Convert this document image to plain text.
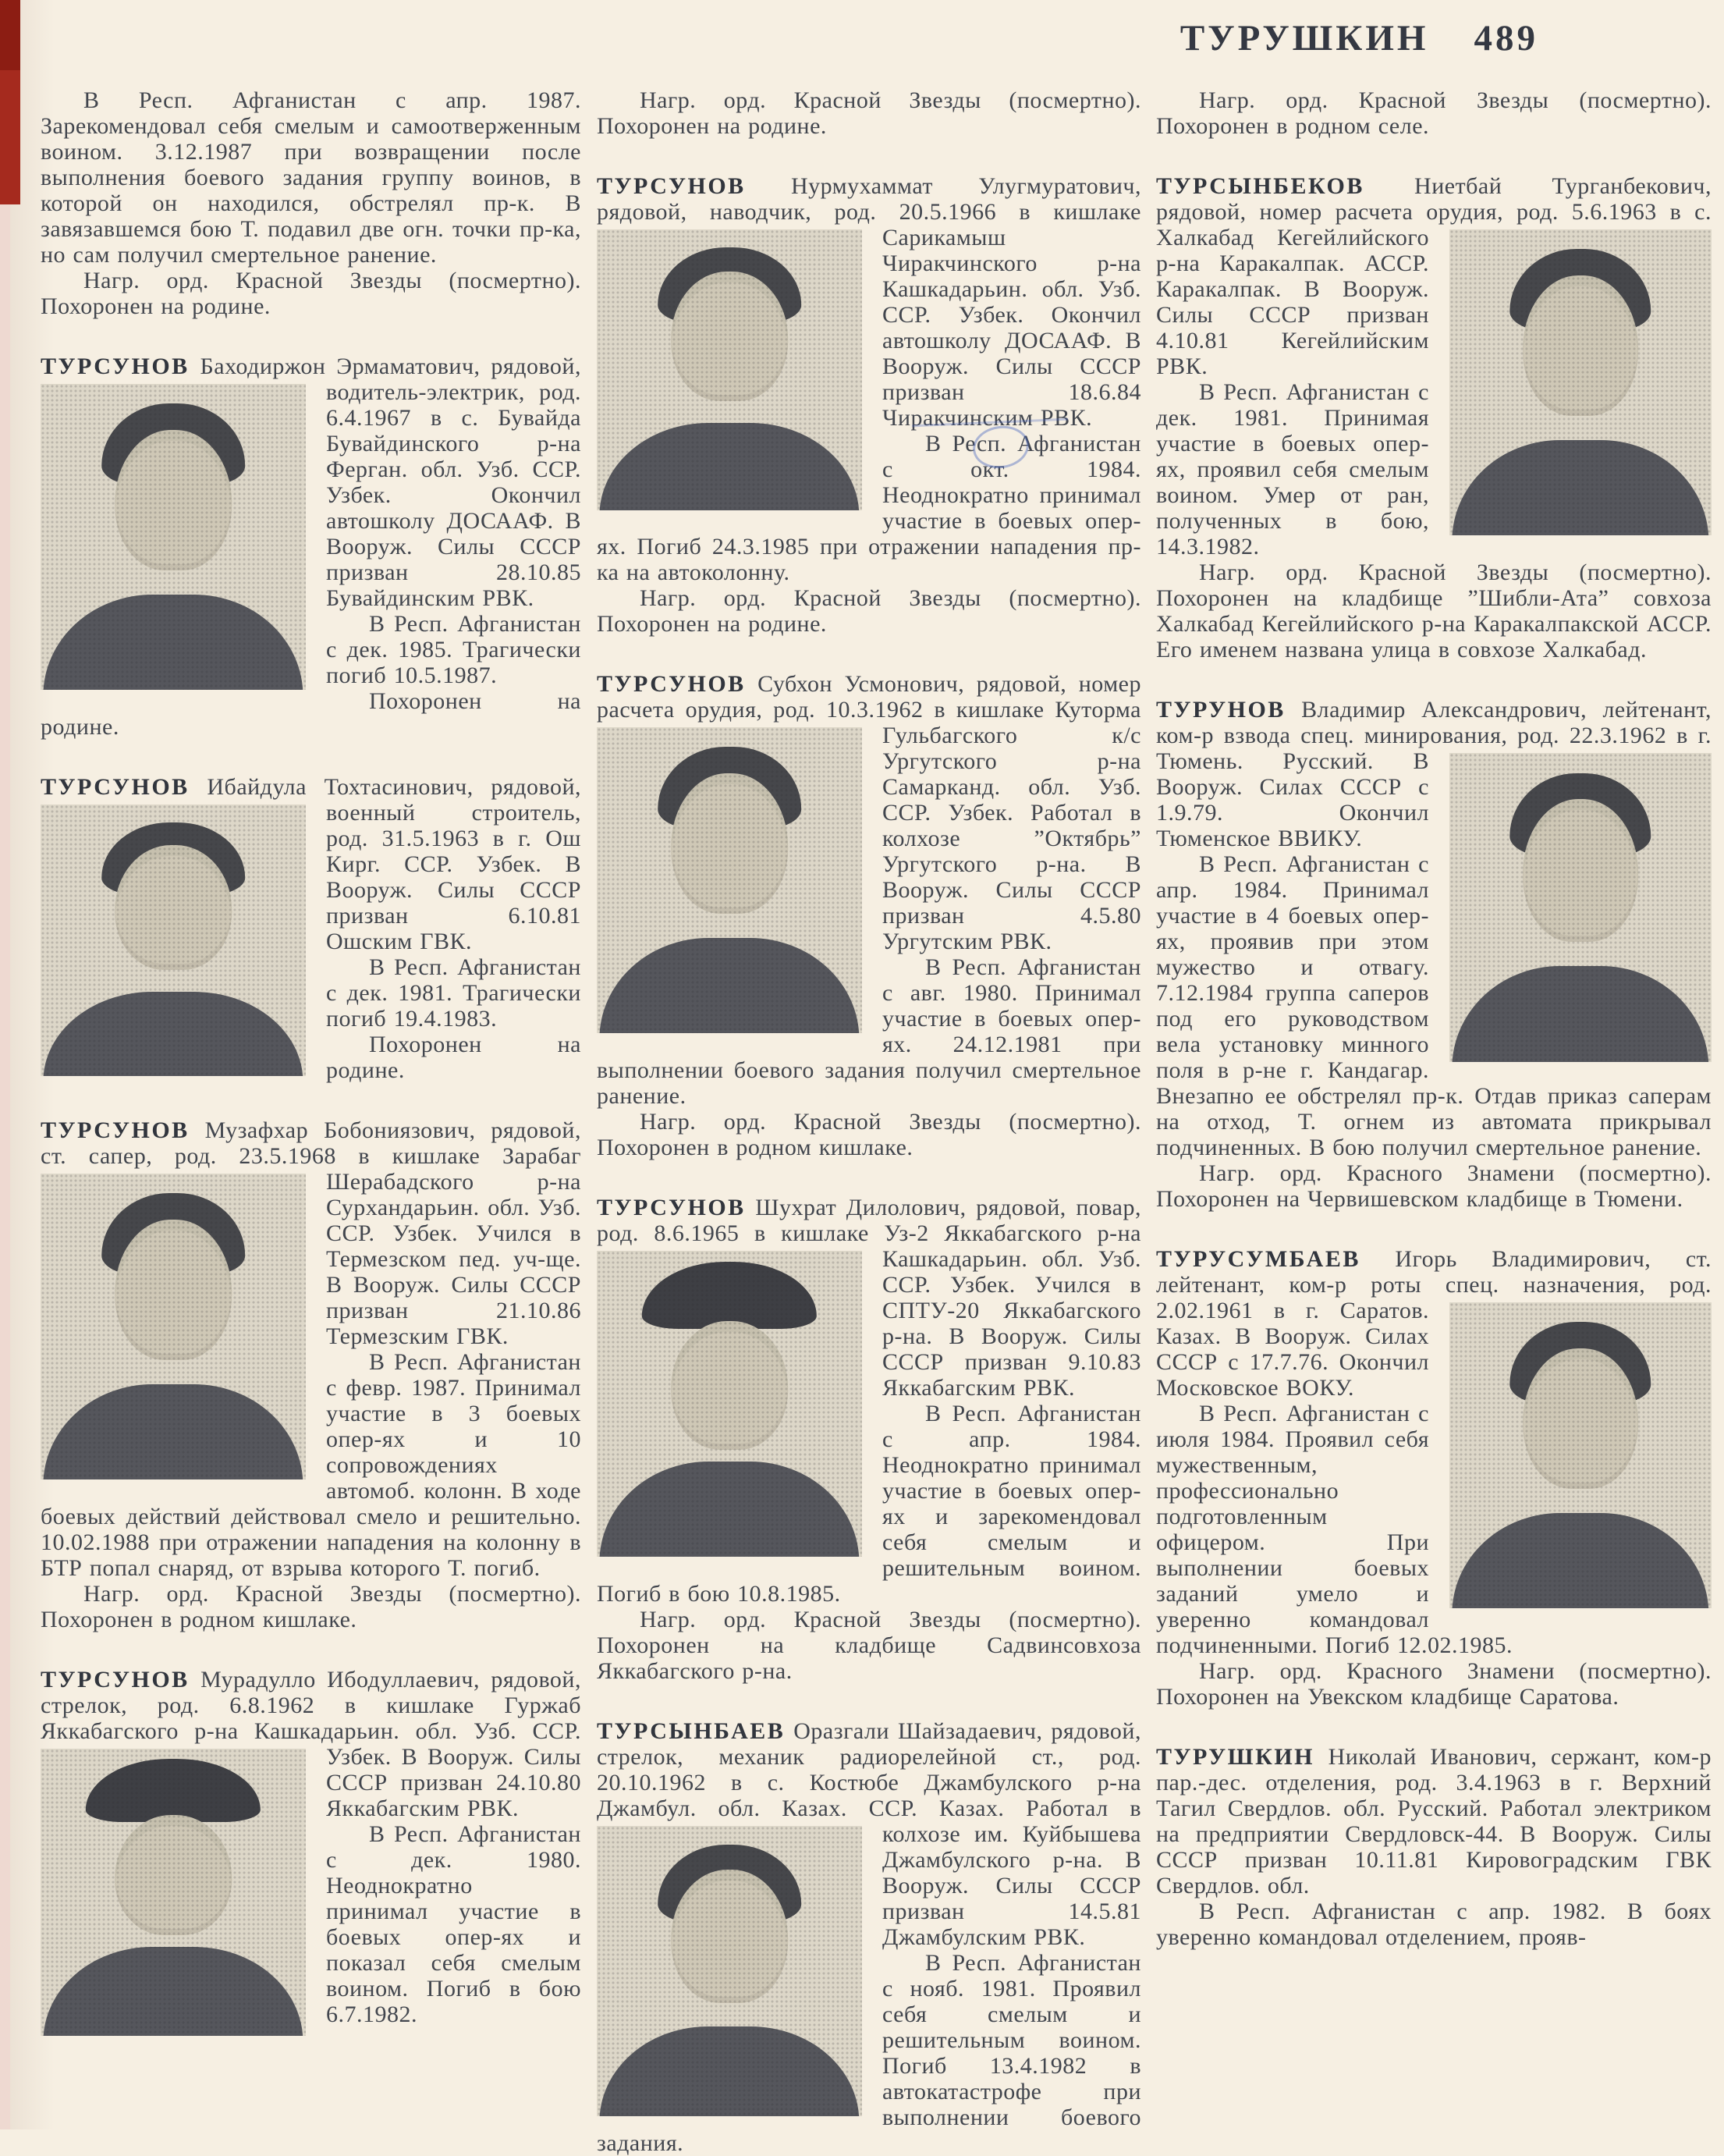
ТУРУШКИН 489

В Респ. Афганистан с апр. 1987. Зарекомендовал себя смелым и самоотверженным воином. 3.12.1987 при возвращении после выполнения боевого задания группу воинов, в которой он находился, обстрелял пр-к. В завязавшемся бою Т. подавил две огн. точки пр-ка, но сам получил смертельное ранение.

Нагр. орд. Красной Звезды (посмертно). Похоронен на родине.

ТУРСУНОВ Баходиржон Эрмаматович, рядовой, водитель-электрик, род.
6.4.1967 в с. Бувайда Бувайдинского р-на Ферган. обл. Узб. ССР. Узбек. Окончил автошколу ДОСААФ. В Вооруж. Силы СССР призван 28.10.85 Бувайдинским РВК.

В Респ. Афганистан с дек. 1985. Трагически погиб 10.5.1987.

Похоронен на родине.

ТУРСУНОВ Ибайдула Тохтасинович,
рядовой, военный строитель, род. 31.5.1963 в г. Ош Кирг. ССР. Узбек. В Вооруж. Силы СССР призван 6.10.81 Ошским ГВК.

В Респ. Афганистан с дек. 1981. Трагически погиб 19.4.1983.

Похоронен на родине.

ТУРСУНОВ Музафхар Бобониязович, рядовой, ст. сапер, род. 23.5.1968 в кишлаке
Зарабаг Шерабадского р-на Сурхандарьин. обл. Узб. ССР. Узбек. Учился в Термезском пед. уч-ще. В Вооруж. Силы СССР призван 21.10.86 Термезским ГВК.

В Респ. Афганистан с февр. 1987. Принимал участие в 3 боевых опер-ях и 10 сопровождениях автомоб. колонн. В ходе боевых действий действовал смело и решительно. 10.02.1988 при отражении нападения на колонну в БТР попал снаряд, от взрыва которого Т. погиб.

Нагр. орд. Красной Звезды (посмертно). Похоронен в родном кишлаке.

ТУРСУНОВ Мурадулло Ибодуллаевич, рядовой, стрелок, род. 6.8.1962 в кишлаке Гуржаб Яккабагского р-на Кашкадарьин.
обл. Узб. ССР. Узбек. В Вооруж. Силы СССР призван 24.10.80 Яккабагским РВК.

В Респ. Афганистан с дек. 1980. Неоднократно принимал участие в боевых опер-ях и показал себя смелым воином. Погиб в бою 6.7.1982.

Нагр. орд. Красной Звезды (посмертно). Похоронен на родине.

ТУРСУНОВ Нурмухаммат Улугмуратович, рядовой, наводчик, род. 20.5.1966 в
кишлаке Сарикамыш Чиракчинского р-на Кашкадарьин. обл. Узб. ССР. Узбек. Окончил автошколу ДОСААФ. В Вооруж. Силы СССР призван 18.6.84 Чиракчинским РВК.

В Респ. Афганистан с окт. 1984. Неоднократно принимал участие в боевых опер-ях. Погиб 24.3.1985 при отражении нападения пр-ка на автоколонну.

Нагр. орд. Красной Звезды (посмертно). Похоронен на родине.

ТУРСУНОВ Субхон Усмонович, рядовой, номер расчета орудия, род. 10.3.1962 в
кишлаке Куторма Гульбагского к/с Ургутского р-на Самарканд. обл. Узб. ССР. Узбек. Работал в колхозе ”Октябрь” Ургутского р-на. В Вооруж. Силы СССР призван 4.5.80 Ургутским РВК.

В Респ. Афганистан с авг. 1980. Принимал участие в боевых опер-ях. 24.12.1981 при выполнении боевого задания получил смертельное ранение.

Нагр. орд. Красной Звезды (посмертно). Похоронен в родном кишлаке.

ТУРСУНОВ Шухрат Дилолович, рядовой, повар, род. 8.6.1965 в кишлаке Уз-2
Яккабагского р-на Кашкадарьин. обл. Узб. ССР. Узбек. Учился в СПТУ-20 Яккабагского р-на. В Вооруж. Силы СССР призван 9.10.83 Яккабагским РВК.

В Респ. Афганистан с апр. 1984. Неоднократно принимал участие в боевых опер-ях и зарекомендовал себя смелым и решительным воином. Погиб в бою 10.8.1985.

Нагр. орд. Красной Звезды (посмертно). Похоронен на кладбище Садвинсовхоза Яккабагского р-на.

ТУРСЫНБАЕВ Оразгали Шайзадаевич, рядовой, стрелок, механик радиорелейной ст., род. 20.10.1962 в с. Костюбе Джамбулского р-на Джамбул. обл. Казах. ССР. Казах. Работал в колхозе им. Куйбышева
Джамбулского р-на. В Вооруж. Силы СССР призван 14.5.81 Джамбулским РВК.

В Респ. Афганистан с нояб. 1981. Проявил себя смелым и решительным воином. Погиб 13.4.1982 в автокатастрофе при выполнении боевого задания.

Нагр. орд. Красной Звезды (посмертно). Похоронен в родном селе.

ТУРСЫНБЕКОВ Ниетбай Турганбекович, рядовой, номер расчета орудия, род.
5.6.1963 в с. Халкабад Кегейлийского р-на Каракалпак. АССР. Каракалпак. В Вооруж. Силы СССР призван 4.10.81 Кегейлийским РВК.

В Респ. Афганистан с дек. 1981. Принимая участие в боевых опер-ях, проявил себя смелым воином. Умер от ран, полученных в бою, 14.3.1982.

Нагр. орд. Красной Звезды (посмертно). Похоронен на кладбище ”Шибли-Ата” совхоза Халкабад Кегейлийского р-на Каракалпакской АССР. Его именем названа улица в совхозе Халкабад.

ТУРУНОВ Владимир Александрович, лейтенант, ком-р взвода спец. минирования,
род. 22.3.1962 в г. Тюмень. Русский. В Вооруж. Силах СССР с 1.9.79. Окончил Тюменское ВВИКУ.

В Респ. Афганистан с апр. 1984. Принимал участие в 4 боевых опер-ях, проявив при этом мужество и отвагу. 7.12.1984 группа саперов под его руководством вела установку минного поля в р-не г. Кандагар. Внезапно ее обстрелял пр-к. Отдав приказ саперам на отход, Т. огнем из автомата прикрывал подчиненных. В бою получил смертельное ранение.

Нагр. орд. Красного Знамени (посмертно). Похоронен на Червишевском кладбище в Тюмени.

ТУРУСУМБАЕВ Игорь Владимирович, ст. лейтенант, ком-р роты спец. назначения,
род. 2.02.1961 в г. Саратов. Казах. В Вооруж. Силах СССР с 17.7.76. Окончил Московское ВОКУ.

В Респ. Афганистан с июля 1984. Проявил себя мужественным, профессионально подготовленным офицером. При выполнении боевых заданий умело и уверенно командовал подчиненными. Погиб 12.02.1985.

Нагр. орд. Красного Знамени (посмертно). Похоронен на Увекском кладбище Саратова.

ТУРУШКИН Николай Иванович, сержант, ком-р пар.-дес. отделения, род. 3.4.1963 в г. Верхний Тагил Свердлов. обл. Русский. Работал электриком на предприятии Свердловск-44. В Вооруж. Силы СССР призван 10.11.81 Кировоградским ГВК Свердлов. обл.

В Респ. Афганистан с апр. 1982. В боях уверенно командовал отделением, прояв-
